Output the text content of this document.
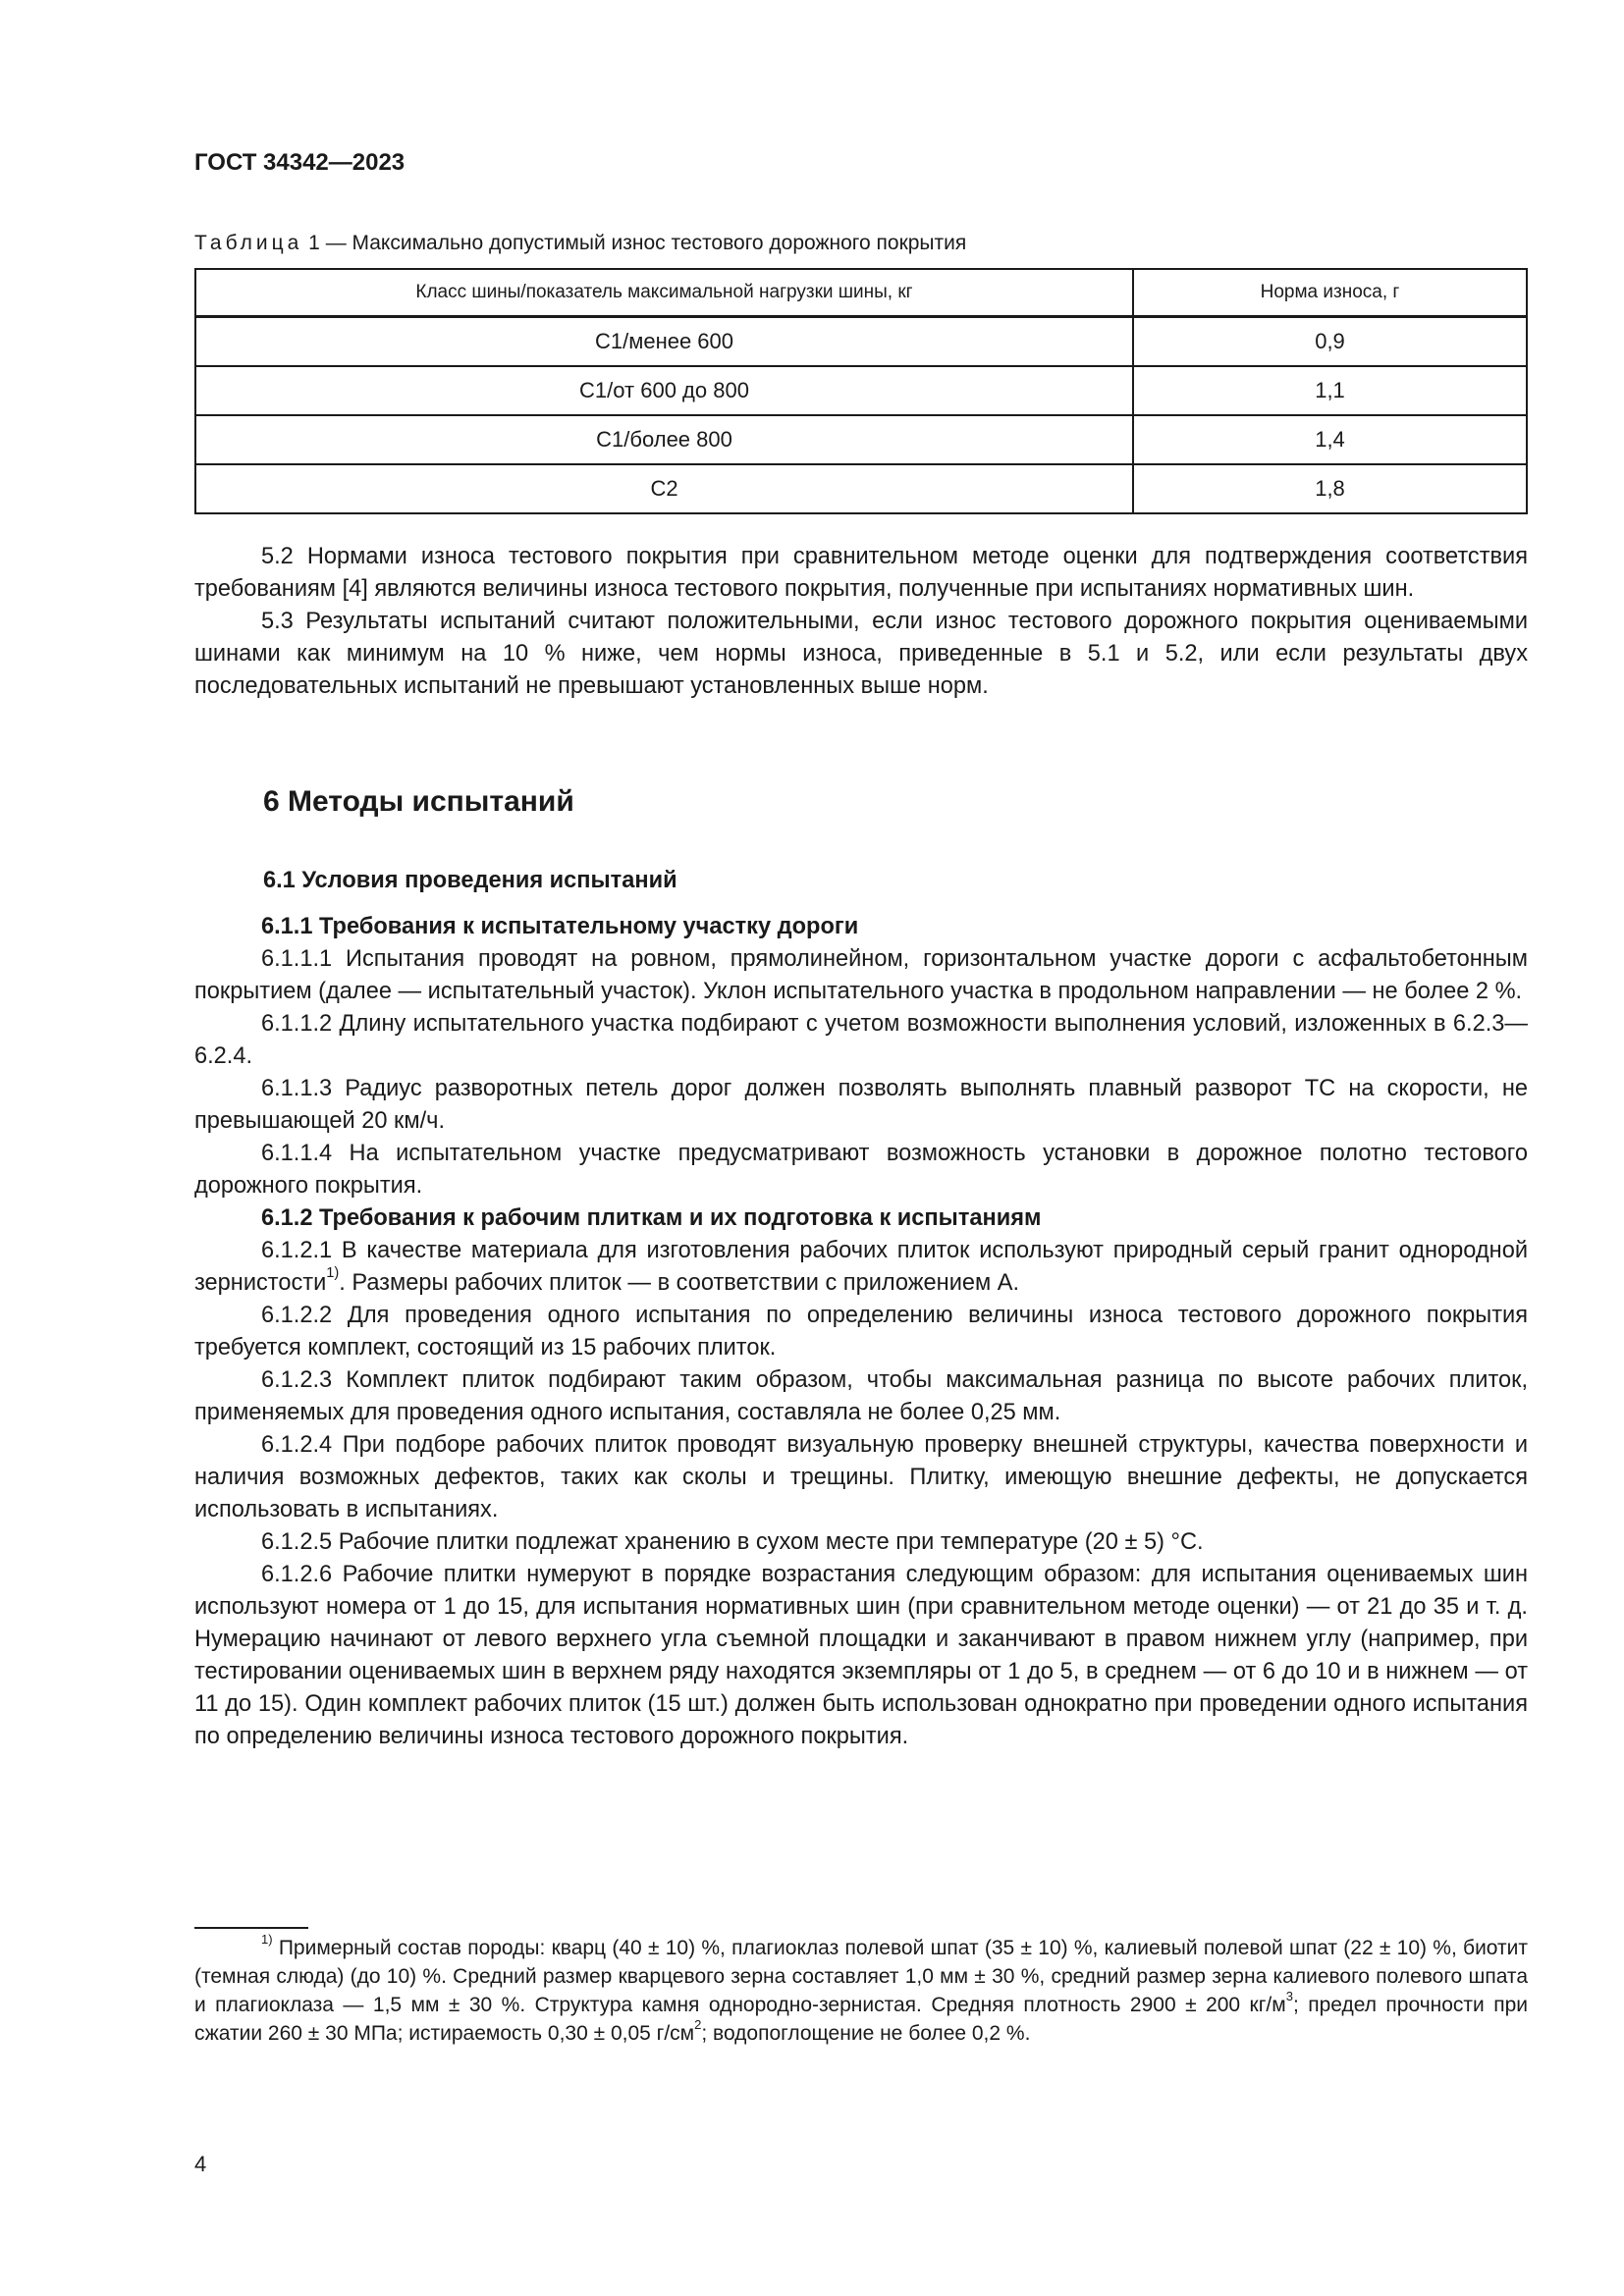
ГОСТ 34342—2023
Таблица 1 — Максимально допустимый износ тестового дорожного покрытия
Класс шины/показатель максимальной нагрузки шины, кг	Норма износа, г
С1/менее 600	0,9
С1/от 600 до 800	1,1
С1/более 800	1,4
С2	1,8

5.2 Нормами износа тестового покрытия при сравнительном методе оценки для подтверждения соответствия требованиям [4] являются величины износа тестового покрытия, полученные при испытаниях нормативных шин.

5.3 Результаты испытаний считают положительными, если износ тестового дорожного покрытия оцениваемыми шинами как минимум на 10 % ниже, чем нормы износа, приведенные в 5.1 и 5.2, или если результаты двух последовательных испытаний не превышают установленных выше норм.

6 Методы испытаний
6.1 Условия проведения испытаний

6.1.1 Требования к испытательному участку дороги

6.1.1.1 Испытания проводят на ровном, прямолинейном, горизонтальном участке дороги с асфальтобетонным покрытием (далее — испытательный участок). Уклон испытательного участка в продольном направлении — не более 2 %.

6.1.1.2 Длину испытательного участка подбирают с учетом возможности выполнения условий, изложенных в 6.2.3—6.2.4.

6.1.1.3 Радиус разворотных петель дорог должен позволять выполнять плавный разворот ТС на скорости, не превышающей 20 км/ч.

6.1.1.4 На испытательном участке предусматривают возможность установки в дорожное полотно тестового дорожного покрытия.

6.1.2 Требования к рабочим плиткам и их подготовка к испытаниям

6.1.2.1 В качестве материала для изготовления рабочих плиток используют природный серый гранит однородной зернистости$^{1)}$. Размеры рабочих плиток — в соответствии с приложением А.

6.1.2.2 Для проведения одного испытания по определению величины износа тестового дорожного покрытия требуется комплект, состоящий из 15 рабочих плиток.

6.1.2.3 Комплект плиток подбирают таким образом, чтобы максимальная разница по высоте рабочих плиток, применяемых для проведения одного испытания, составляла не более 0,25 мм.

6.1.2.4 При подборе рабочих плиток проводят визуальную проверку внешней структуры, качества поверхности и наличия возможных дефектов, таких как сколы и трещины. Плитку, имеющую внешние дефекты, не допускается использовать в испытаниях.

6.1.2.5 Рабочие плитки подлежат хранению в сухом месте при температуре (20 ± 5) °С.

6.1.2.6 Рабочие плитки нумеруют в порядке возрастания следующим образом: для испытания оцениваемых шин используют номера от 1 до 15, для испытания нормативных шин (при сравнительном методе оценки) — от 21 до 35 и т. д. Нумерацию начинают от левого верхнего угла съемной площадки и заканчивают в правом нижнем углу (например, при тестировании оцениваемых шин в верхнем ряду находятся экземпляры от 1 до 5, в среднем — от 6 до 10 и в нижнем — от 11 до 15). Один комплект рабочих плиток (15 шт.) должен быть использован однократно при проведении одного испытания по определению величины износа тестового дорожного покрытия.

$^{1)}$ Примерный состав породы: кварц (40 ± 10) %, плагиоклаз полевой шпат (35 ± 10) %, калиевый полевой шпат (22 ± 10) %, биотит (темная слюда) (до 10) %. Средний размер кварцевого зерна составляет 1,0 мм ± 30 %, средний размер зерна калиевого полевого шпата и плагиоклаза — 1,5 мм ± 30 %. Структура камня однородно-зернистая. Средняя плотность 2900 ± 200 $кг/м^3$; предел прочности при сжатии 260 ± 30 МПа; истираемость 0,30 ± 0,05 $г/см^2$; водопоглощение не более 0,2 %.

4
